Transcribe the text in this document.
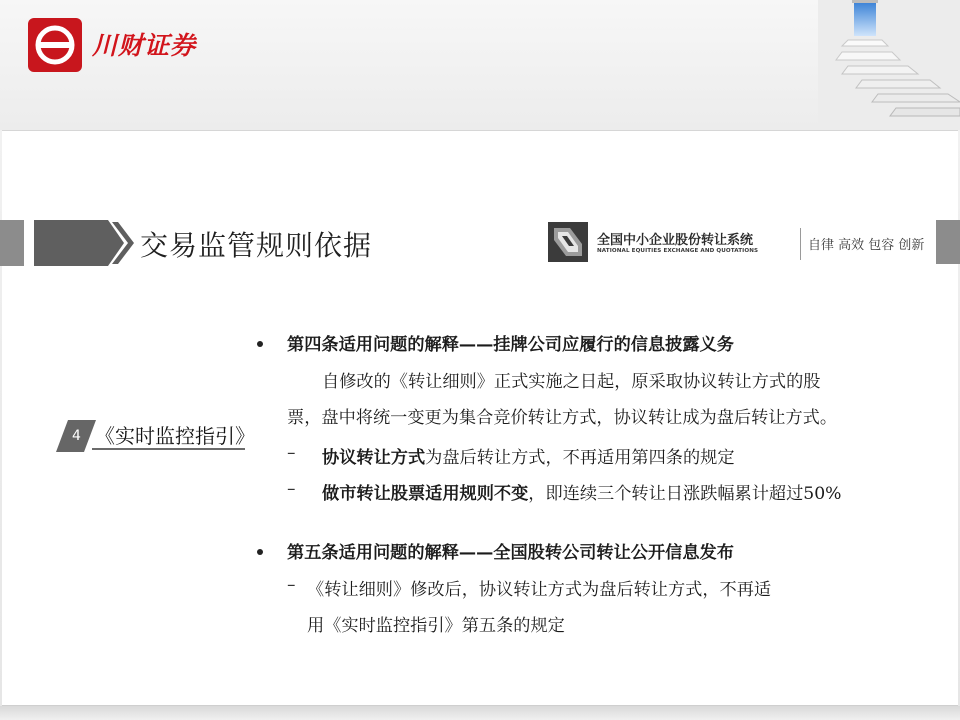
川财证券
交易监管规则依据	全国中小企业股份转让系统
NATIONAL EQUITIES EXCHANGE AND QUOTATIONS	自律 高效 包容 创新
4 《实时监控指引》
第四条适用问题的解释——挂牌公司应履行的信息披露义务
自修改的《转让细则》正式实施之日起，原采取协议转让方式的股
票，盘中将统一变更为集合竞价转让方式，协议转让成为盘后转让方式。
– 协议转让方式为盘后转让方式，不再适用第四条的规定
– 做市转让股票适用规则不变，即连续三个转让日涨跌幅累计超过50%
第五条适用问题的解释——全国股转公司转让公开信息发布
– 《转让细则》修改后，协议转让方式为盘后转让方式，不再适
用《实时监控指引》第五条的规定
